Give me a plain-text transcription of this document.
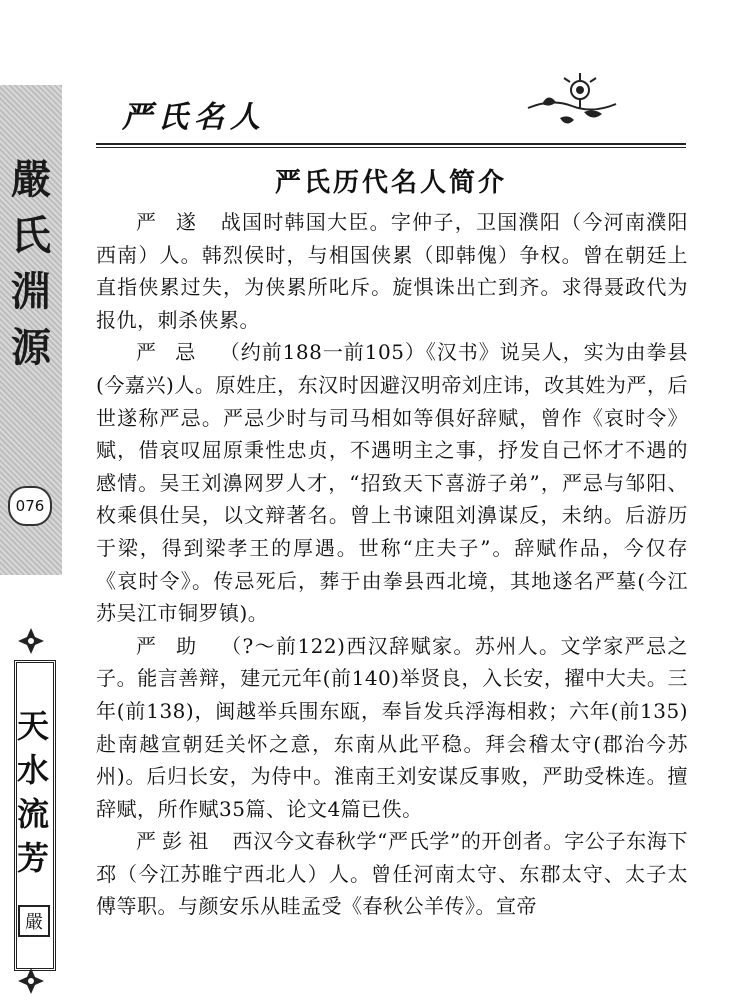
嚴
氏
淵
源
076
天
水
流
芳
嚴
严氏名人
严氏历代名人简介

严 遂 战国时韩国大臣。字仲子，卫国濮阳（今河南濮阳西南）人。韩烈侯时，与相国侠累（即韩傀）争权。曾在朝廷上直指侠累过失，为侠累所叱斥。旋惧诛出亡到齐。求得聂政代为报仇，刺杀侠累。

严 忌 （约前188一前105）《汉书》说吴人，实为由拳县(今嘉兴)人。原姓庄，东汉时因避汉明帝刘庄讳，改其姓为严，后世遂称严忌。严忌少时与司马相如等俱好辞赋，曾作《哀时令》赋，借哀叹屈原秉性忠贞，不遇明主之事，抒发自己怀才不遇的感情。吴王刘濞网罗人才，“招致天下喜游子弟”，严忌与邹阳、枚乘俱仕吴，以文辩著名。曾上书谏阻刘濞谋反，未纳。后游历于梁，得到梁孝王的厚遇。世称“庄夫子”。辞赋作品，今仅存《哀时令》。传忌死后，葬于由拳县西北境，其地遂名严墓(今江苏吴江市铜罗镇)。

严 助 （?～前122)西汉辞赋家。苏州人。文学家严忌之子。能言善辩，建元元年(前140)举贤良，入长安，擢中大夫。三年(前138)，闽越举兵围东瓯，奉旨发兵浮海相救；六年(前135)赴南越宣朝廷关怀之意，东南从此平稳。拜会稽太守(郡治今苏州)。后归长安，为侍中。淮南王刘安谋反事败，严助受株连。擅辞赋，所作赋35篇、论文4篇已佚。

严彭祖 西汉今文春秋学“严氏学”的开创者。字公子东海下邳（今江苏睢宁西北人）人。曾任河南太守、东郡太守、太子太傅等职。与颜安乐从眭孟受《春秋公羊传》。宣帝
